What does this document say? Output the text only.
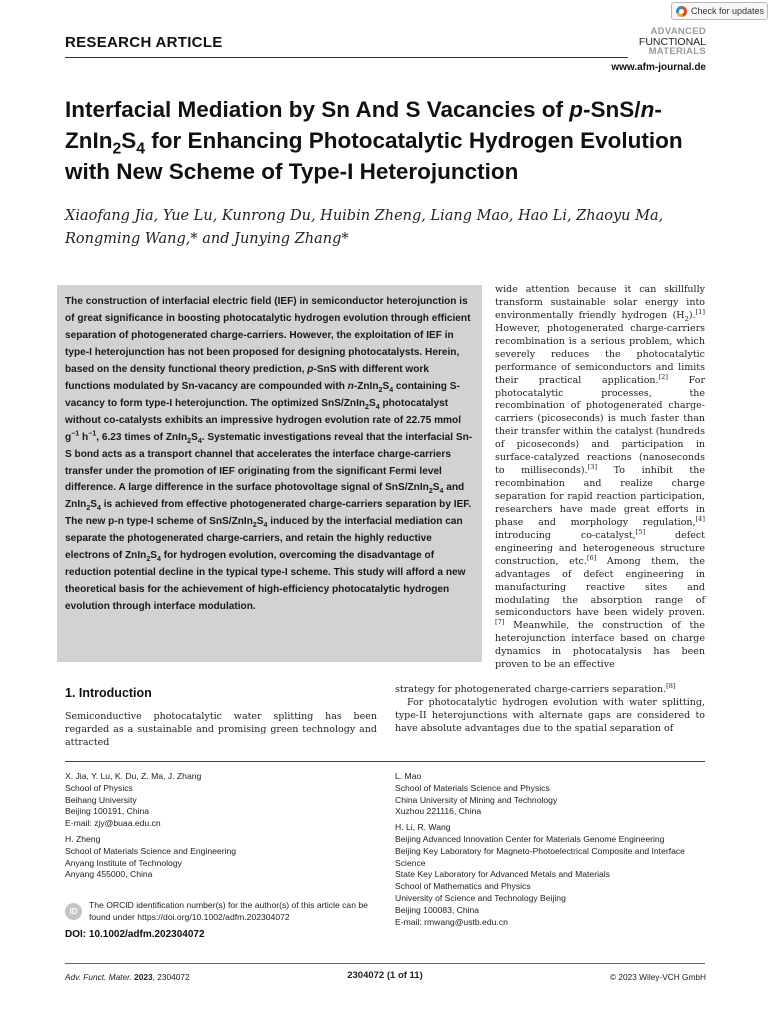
Check for updates
RESEARCH ARTICLE
ADVANCED
FUNCTIONAL
MATERIALS
www.afm-journal.de
Interfacial Mediation by Sn And S Vacancies of $p-SnS/n-ZnIn_2S_4$ for Enhancing Photocatalytic Hydrogen Evolution with New Scheme of Type-I Heterojunction
Xiaofang Jia, Yue Lu, Kunrong Du, Huibin Zheng, Liang Mao, Hao Li, Zhaoyu Ma, Rongming Wang,* and Junying Zhang*
The construction of interfacial electric field (IEF) in semiconductor heterojunction is of great significance in boosting photocatalytic hydrogen evolution through efficient separation of photogenerated charge-carriers. However, the exploitation of IEF in type-I heterojunction has not been proposed for designing photocatalysts. Herein, based on the density functional theory prediction, p-SnS with different work functions modulated by Sn-vacancy are compounded with $n-ZnIn_2S_4$ containing S-vacancy to form type-I heterojunction. The optimized SnS/$ZnIn_2S_4$ photocatalyst without co-catalysts exhibits an impressive hydrogen evolution rate of 22.75 mmol $g^{-1}$ $h^{-1}$, 6.23 times of $ZnIn_2S_4$. Systematic investigations reveal that the interfacial Sn-S bond acts as a transport channel that accelerates the interface charge-carriers transfer under the promotion of IEF originating from the significant Fermi level difference. A large difference in the surface photovoltage signal of SnS/$ZnIn_2S_4$ and $ZnIn_2S_4$ is achieved from effective photogenerated charge-carriers separation by IEF. The new p-n type-I scheme of SnS/$ZnIn_2S_4$ induced by the interfacial mediation can separate the photogenerated charge-carriers, and retain the highly reductive electrons of $ZnIn_2S_4$ for hydrogen evolution, overcoming the disadvantage of reduction potential decline in the typical type-I scheme. This study will afford a new theoretical basis for the achievement of high-efficiency photocatalytic hydrogen evolution through interface modulation.
wide attention because it can skillfully transform sustainable solar energy into environmentally friendly hydrogen $(H_2).[1]$ However, photogenerated charge-carriers recombination is a serious problem, which severely reduces the photocatalytic performance of semiconductors and limits their practical application.[2] For photocatalytic processes, the recombination of photogenerated charge-carriers (picoseconds) is much faster than their transfer within the catalyst (hundreds of picoseconds) and participation in surface-catalyzed reactions (nanoseconds to milliseconds).[3] To inhibit the recombination and realize charge separation for rapid reaction participation, researchers have made great efforts in phase and morphology regulation,[4] introducing co-catalyst,[5] defect engineering and heterogeneous structure construction, etc.[6] Among them, the advantages of defect engineering in manufacturing reactive sites and modulating the absorption range of semiconductors have been widely proven.[7] Meanwhile, the construction of the heterojunction interface based on charge dynamics in photocatalysis has been proven to be an effective

strategy for photogenerated charge-carriers separation.[8]

For photocatalytic hydrogen evolution with water splitting, type-II heterojunctions with alternate gaps are considered to have absolute advantages due to the spatial separation of

1. Introduction
Semiconductive photocatalytic water splitting has been regarded as a sustainable and promising green technology and attracted
X. Jia, Y. Lu, K. Du, Z. Ma, J. Zhang
School of Physics
Beihang University
Beijing 100191, China
E-mail: zjy@buaa.edu.cn
H. Zheng
School of Materials Science and Engineering
Anyang Institute of Technology
Anyang 455000, China
L. Mao
School of Materials Science and Physics
China University of Mining and Technology
Xuzhou 221116, China
H. Li, R. Wang
Beijing Advanced Innovation Center for Materials Genome Engineering
Beijing Key Laboratory for Magneto-Photoelectrical Composite and Interface Science
State Key Laboratory for Advanced Metals and Materials
School of Mathematics and Physics
University of Science and Technology Beijing
Beijing 100083, China
E-mail: rmwang@ustb.edu.cn
ID
The ORCID identification number(s) for the author(s) of this article can be found under https://doi.org/10.1002/adfm.202304072
DOI: 10.1002/adfm.202304072
Adv. Funct. Mater. 2023, 2304072	2304072 (1 of 11)	© 2023 Wiley-VCH GmbH
